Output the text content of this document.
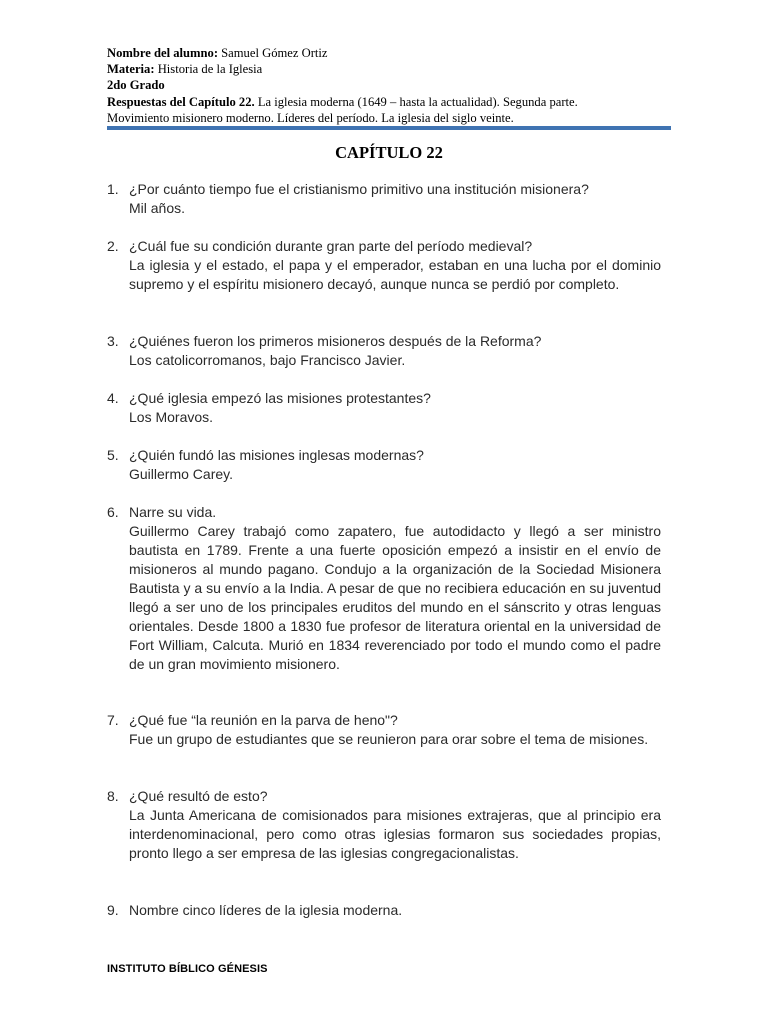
Nombre del alumno: Samuel Gómez Ortiz
Materia: Historia de la Iglesia
2do Grado
Respuestas del Capítulo 22. La iglesia moderna (1649 – hasta la actualidad). Segunda parte.
Movimiento misionero moderno. Líderes del período. La iglesia del siglo veinte.
CAPÍTULO 22
1. ¿Por cuánto tiempo fue el cristianismo primitivo una institución misionera?
Mil años.
2. ¿Cuál fue su condición durante gran parte del período medieval?
La iglesia y el estado, el papa y el emperador, estaban en una lucha por el dominio supremo y el espíritu misionero decayó, aunque nunca se perdió por completo.
3. ¿Quiénes fueron los primeros misioneros después de la Reforma?
Los catolicorromanos, bajo Francisco Javier.
4. ¿Qué iglesia empezó las misiones protestantes?
Los Moravos.
5. ¿Quién fundó las misiones inglesas modernas?
Guillermo Carey.
6. Narre su vida.
Guillermo Carey trabajó como zapatero, fue autodidacto y llegó a ser ministro bautista en 1789. Frente a una fuerte oposición empezó a insistir en el envío de misioneros al mundo pagano. Condujo a la organización de la Sociedad Misionera Bautista y a su envío a la India. A pesar de que no recibiera educación en su juventud llegó a ser uno de los principales eruditos del mundo en el sánscrito y otras lenguas orientales. Desde 1800 a 1830 fue profesor de literatura oriental en la universidad de Fort William, Calcuta. Murió en 1834 reverenciado por todo el mundo como el padre de un gran movimiento misionero.
7. ¿Qué fue “la reunión en la parva de heno"?
Fue un grupo de estudiantes que se reunieron para orar sobre el tema de misiones.
8. ¿Qué resultó de esto?
La Junta Americana de comisionados para misiones extrajeras, que al principio era interdenominacional, pero como otras iglesias formaron sus sociedades propias, pronto llego a ser empresa de las iglesias congregacionalistas.
9. Nombre cinco líderes de la iglesia moderna.
INSTITUTO BÍBLICO GÉNESIS
